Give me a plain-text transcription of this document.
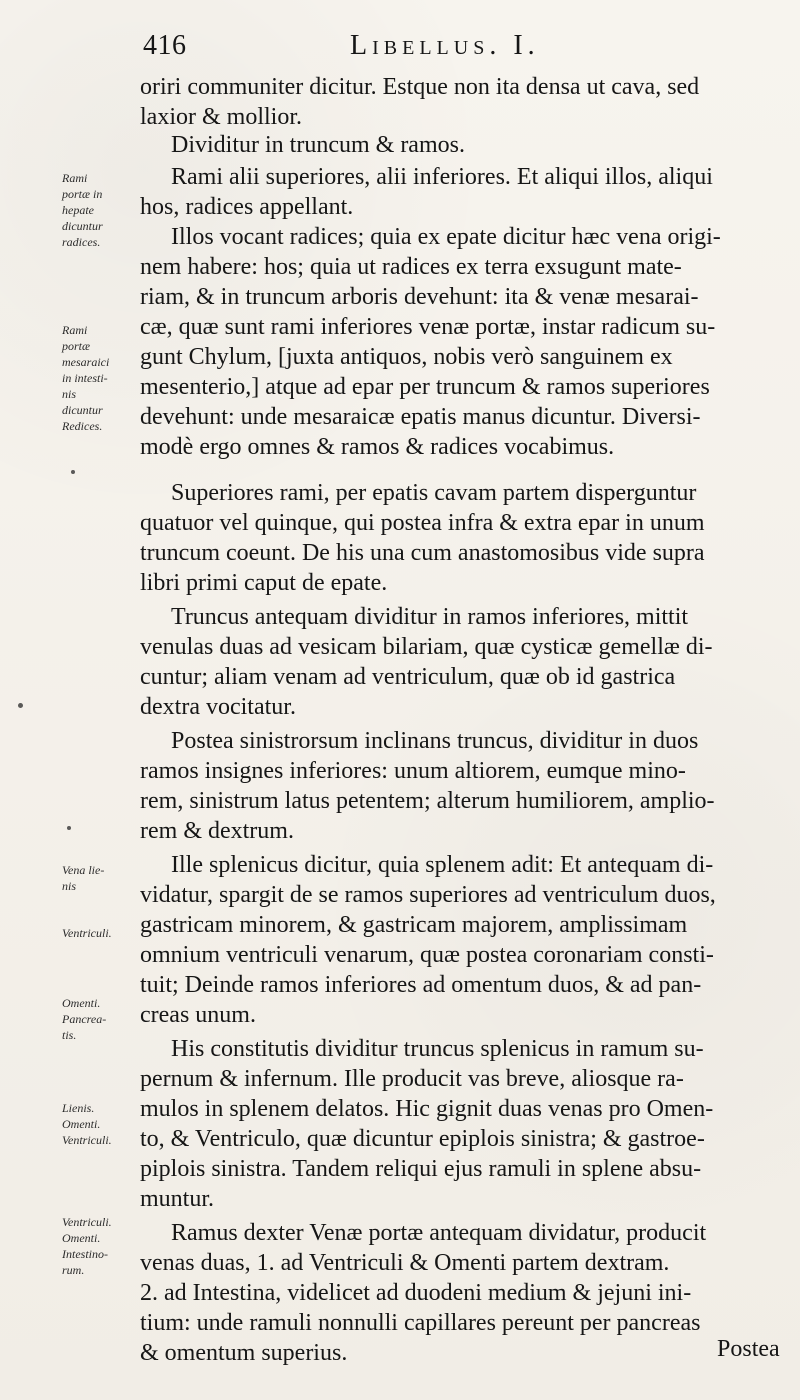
416	Libellus. I.
Rami
portæ in
hepate
dicuntur
radices.
Rami
portæ
mesaraici
in intesti-
nis
dicuntur
Redices.
Vena lie-
nis
Ventriculi.
Omenti.
Pancrea-
tis.
Lienis.
Omenti.
Ventriculi.
Ventriculi.
Omenti.
Intestino-
rum.
oriri communiter dicitur. Estque non ita densa ut cava, sed
laxior & mollior.
Dividitur in truncum & ramos.
Rami alii superiores, alii inferiores. Et aliqui illos, aliqui
hos, radices appellant.
Illos vocant radices; quia ex epate dicitur hæc vena origi-
nem habere: hos; quia ut radices ex terra exsugunt mate-
riam, & in truncum arboris devehunt: ita & venæ mesarai-
cæ, quæ sunt rami inferiores venæ portæ, instar radicum su-
gunt Chylum, [juxta antiquos, nobis verò sanguinem ex
mesenterio,] atque ad epar per truncum & ramos superiores
devehunt: unde mesaraicæ epatis manus dicuntur. Diversi-
modè ergo omnes & ramos & radices vocabimus.
Superiores rami, per epatis cavam partem disperguntur
quatuor vel quinque, qui postea infra & extra epar in unum
truncum coeunt. De his una cum anastomosibus vide supra
libri primi caput de epate.
Truncus antequam dividitur in ramos inferiores, mittit
venulas duas ad vesicam bilariam, quæ cysticæ gemellæ di-
cuntur; aliam venam ad ventriculum, quæ ob id gastrica
dextra vocitatur.
Postea sinistrorsum inclinans truncus, dividitur in duos
ramos insignes inferiores: unum altiorem, eumque mino-
rem, sinistrum latus petentem; alterum humiliorem, amplio-
rem & dextrum.
Ille splenicus dicitur, quia splenem adit: Et antequam di-
vidatur, spargit de se ramos superiores ad ventriculum duos,
gastricam minorem, & gastricam majorem, amplissimam
omnium ventriculi venarum, quæ postea coronariam consti-
tuit; Deinde ramos inferiores ad omentum duos, & ad pan-
creas unum.
His constitutis dividitur truncus splenicus in ramum su-
pernum & infernum. Ille producit vas breve, aliosque ra-
mulos in splenem delatos. Hic gignit duas venas pro Omen-
to, & Ventriculo, quæ dicuntur epiplois sinistra; & gastroe-
piplois sinistra. Tandem reliqui ejus ramuli in splene absu-
muntur.
Ramus dexter Venæ portæ antequam dividatur, producit
venas duas, 1. ad Ventriculi & Omenti partem dextram.
2. ad Intestina, videlicet ad duodeni medium & jejuni ini-
tium: unde ramuli nonnulli capillares pereunt per pancreas
& omentum superius.	Postea
